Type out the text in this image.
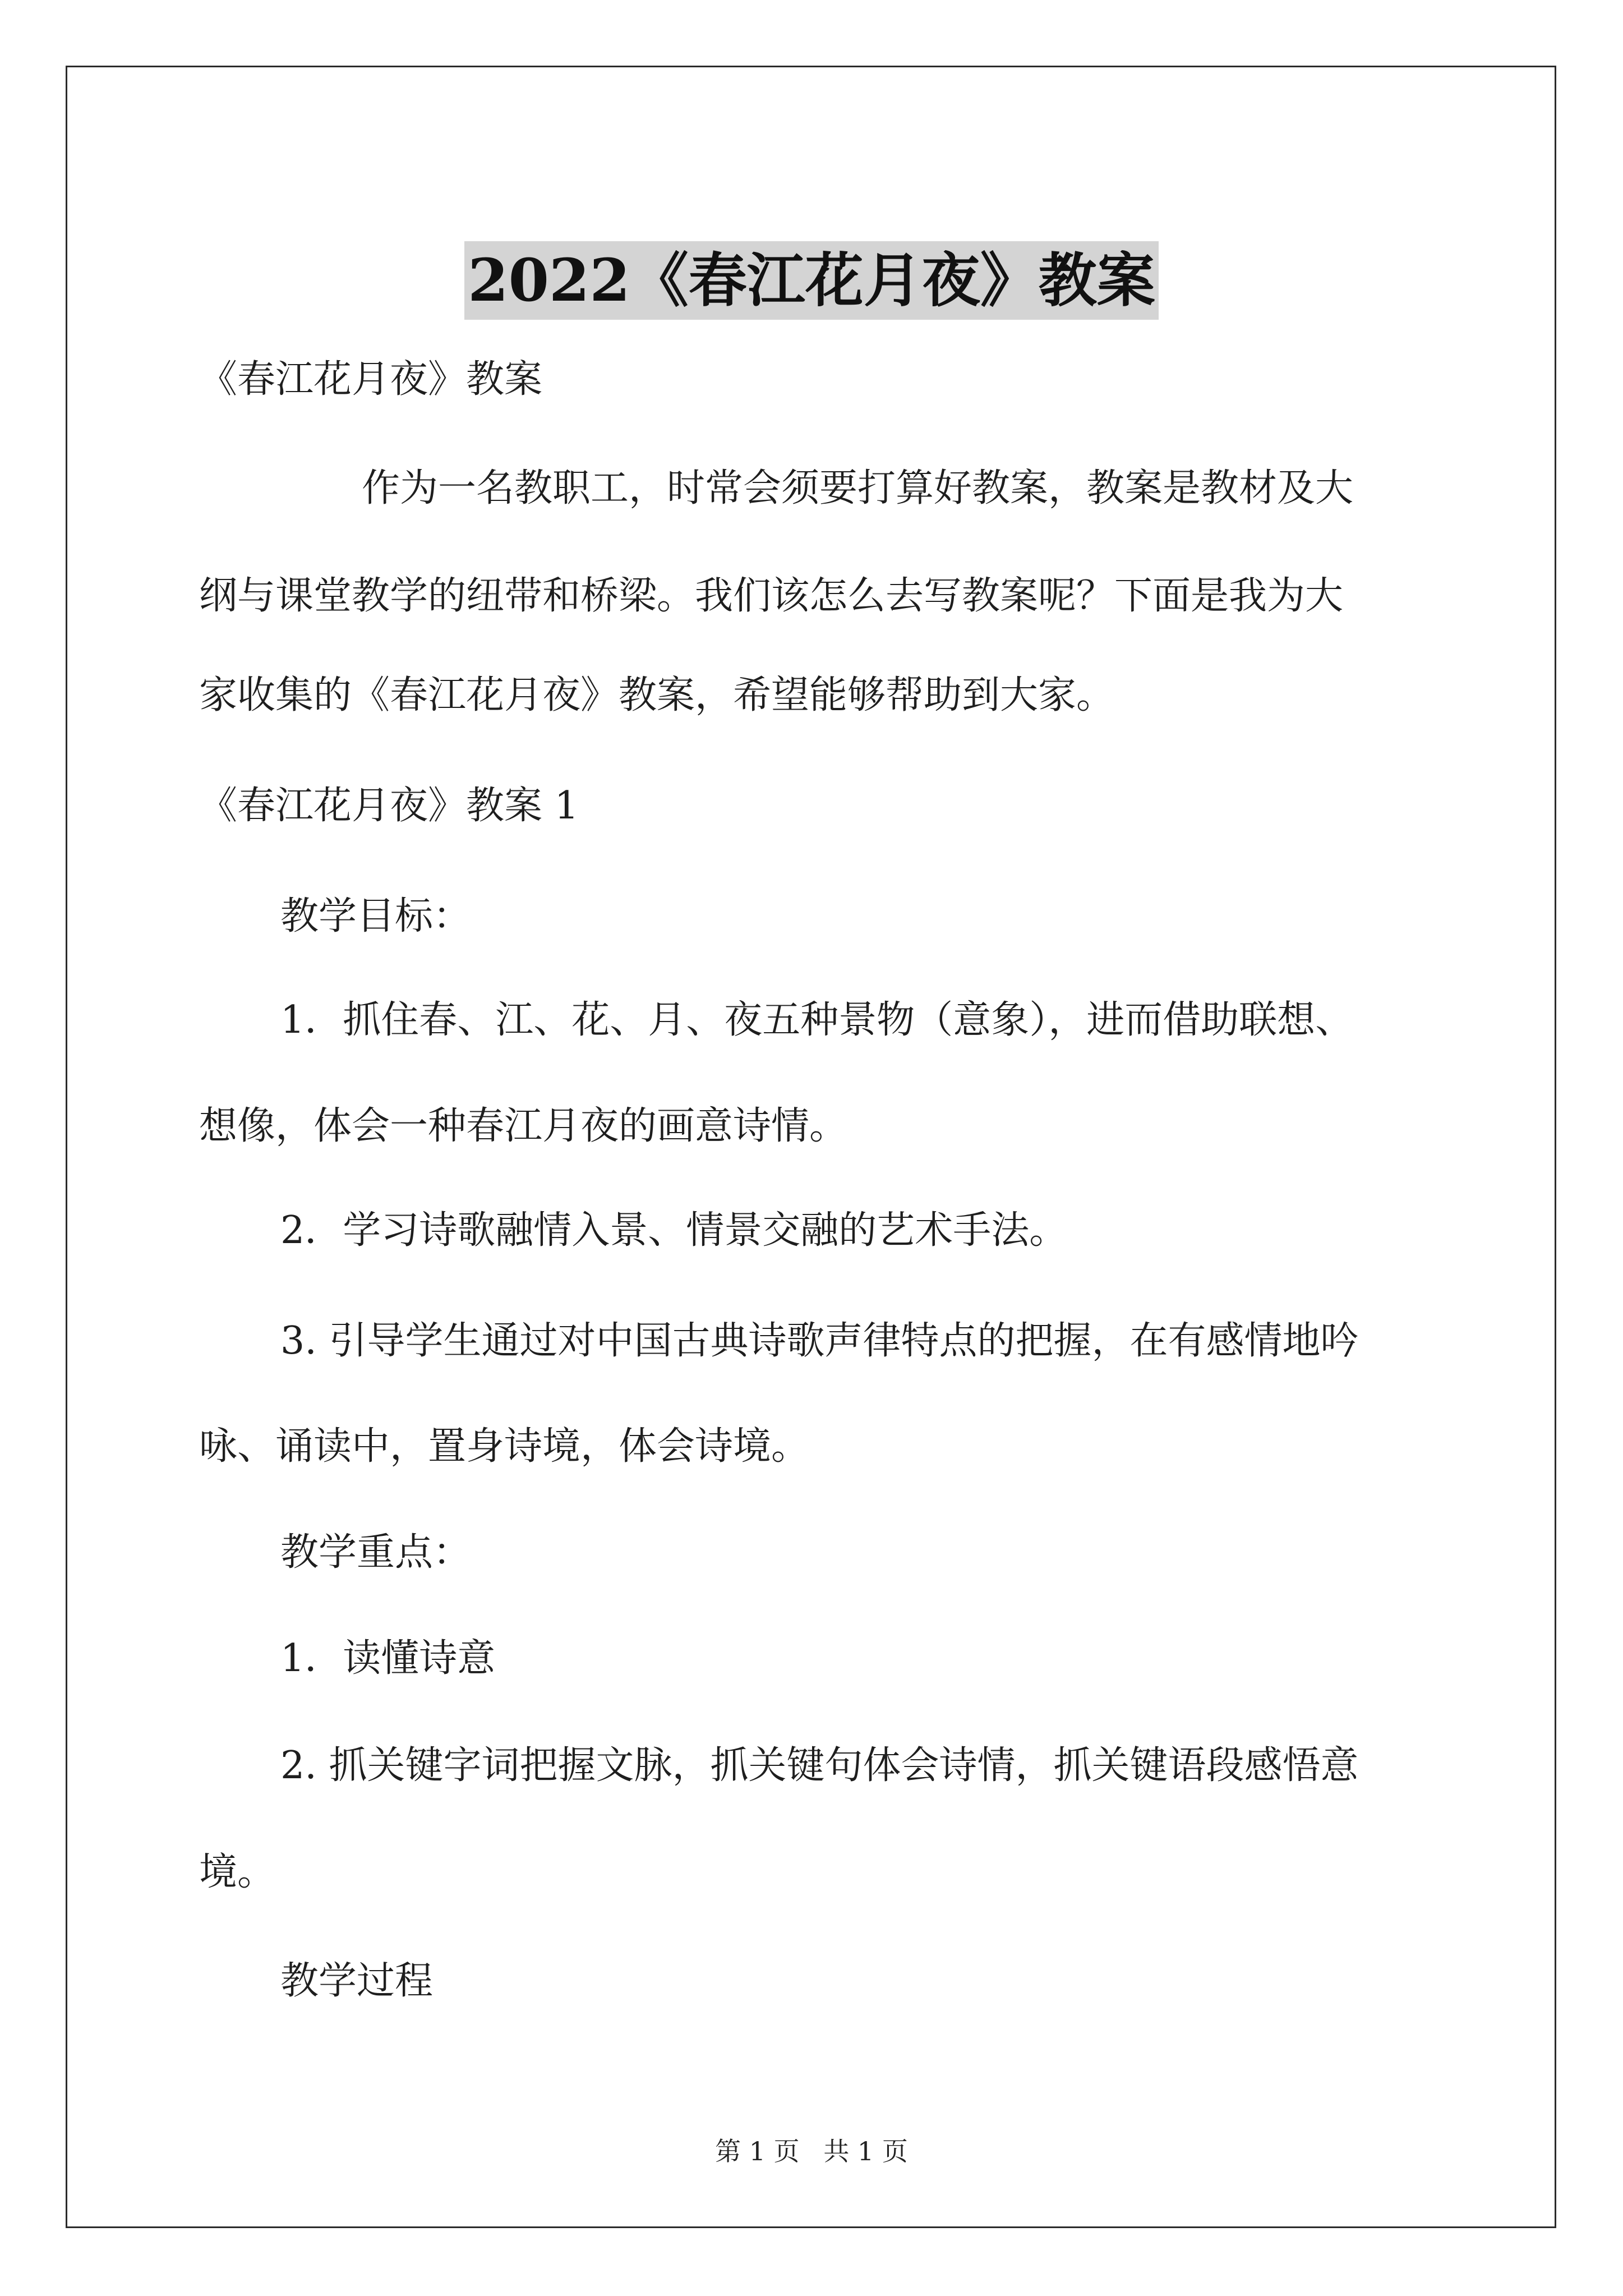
2022《春江花月夜》教案

《春江花月夜》教案

作为一名教职工，时常会须要打算好教案，教案是教材及大

纲与课堂教学的纽带和桥梁。我们该怎么去写教案呢？下面是我为大

家收集的《春江花月夜》教案，希望能够帮助到大家。

《春江花月夜》教案 1

教学目标：

1．抓住春、江、花、月、夜五种景物（意象），进而借助联想、

想像，体会一种春江月夜的画意诗情。

2．学习诗歌融情入景、情景交融的艺术手法。

3. 引导学生通过对中国古典诗歌声律特点的把握，在有感情地吟

咏、诵读中，置身诗境，体会诗境。

教学重点：

1．读懂诗意

2. 抓关键字词把握文脉，抓关键句体会诗情，抓关键语段感悟意

境。

教学过程

第 1 页 共 1 页
